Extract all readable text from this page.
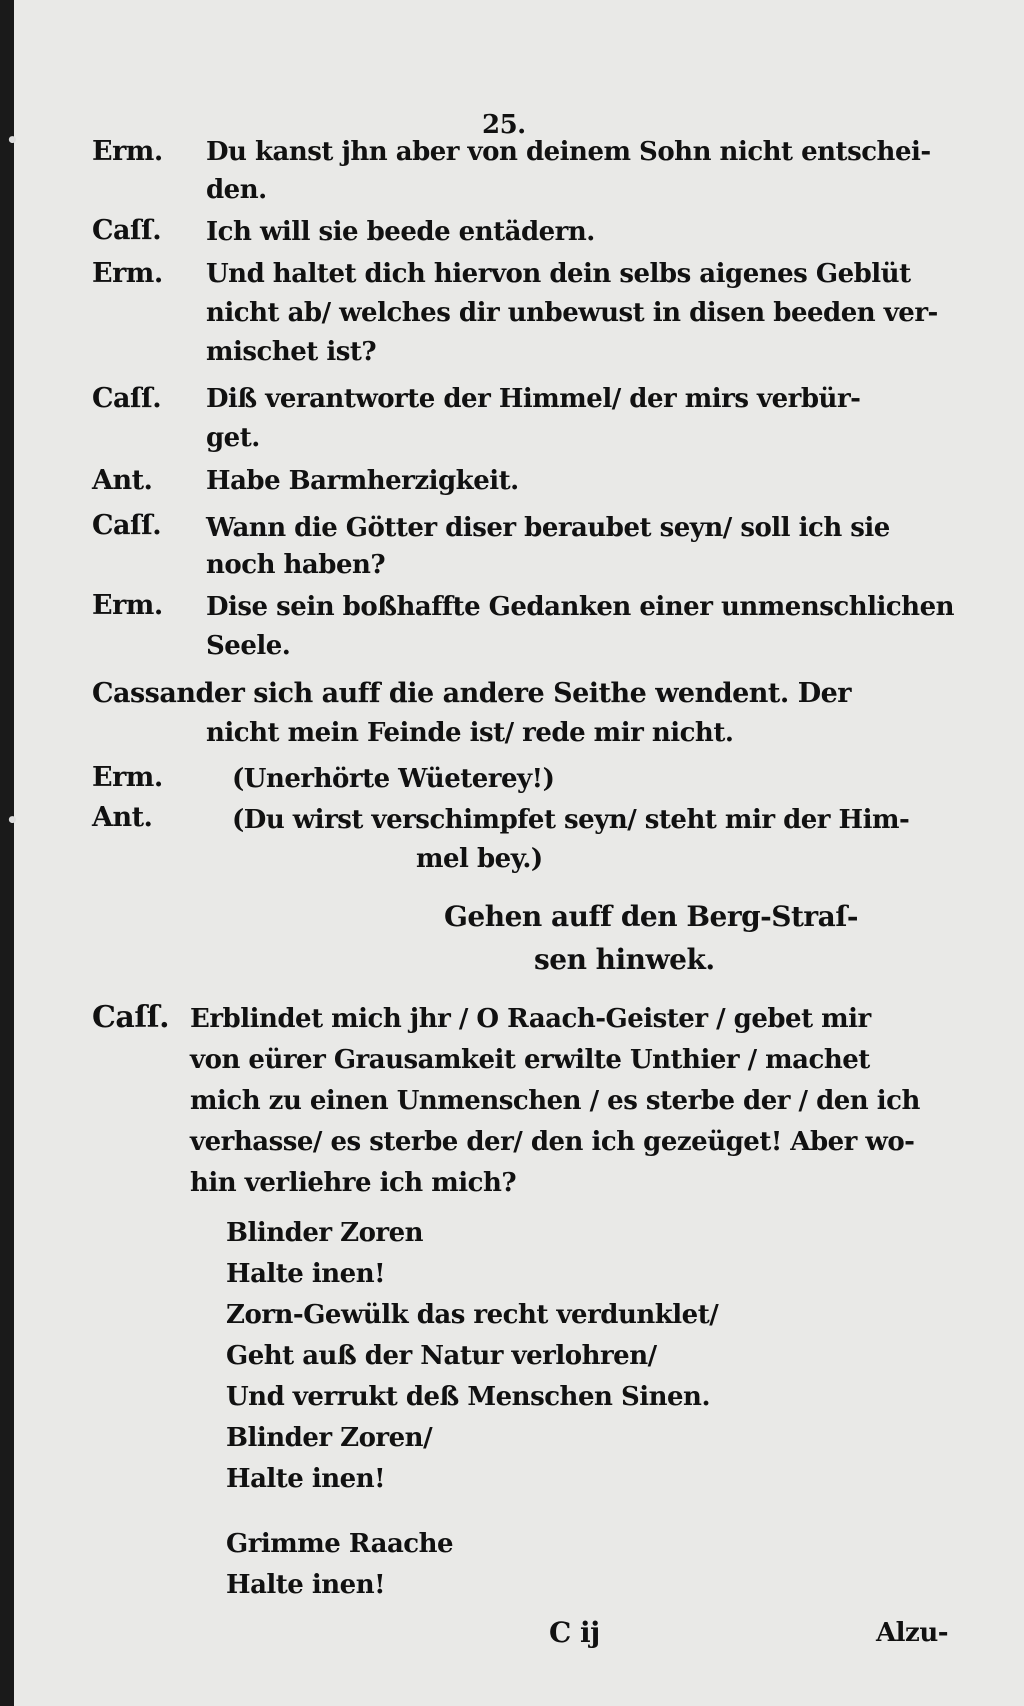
25.
Erm. Du kanst jhn aber von deinem Sohn nicht entschei-
den.
Caſſ. Ich will sie beede entädern.
Erm. Und haltet dich hiervon dein selbs aigenes Geblüt
nicht ab/ welches dir unbewust in disen beeden ver-
mischet ist?
Caſſ. Diß verantworte der Himmel/ der mirs verbür-
get.
Ant. Habe Barmherzigkeit.
Caſſ. Wann die Götter diser beraubet seyn/ soll ich sie
noch haben?
Erm. Dise sein boßhaffte Gedanken einer unmenschlichen
Seele.
Cassander sich auff die andere Seithe wendent. Der
nicht mein Feinde ist/ rede mir nicht.
Erm.	(Unerhörte Wüeterey!)
Ant.	(Du wirst verschimpfet seyn/ steht mir der Him-
mel bey.)
Gehen auff den Berg-Straſ-
sen hinwek.
Caſſ. Erblindet mich jhr / O Raach-Geister / gebet mir
von eürer Grausamkeit erwilte Unthier / machet
mich zu einen Unmenschen / es sterbe der / den ich
verhasse/ es sterbe der/ den ich gezeüget! Aber wo-
hin verliehre ich mich?
Blinder Zoren
Halte inen!
Zorn-Gewülk das recht verdunklet/
Geht auß der Natur verlohren/
Und verrukt deß Menschen Sinen.
Blinder Zoren/
Halte inen!
Grimme Raache
Halte inen!
C ij	Alzu-
•
•
